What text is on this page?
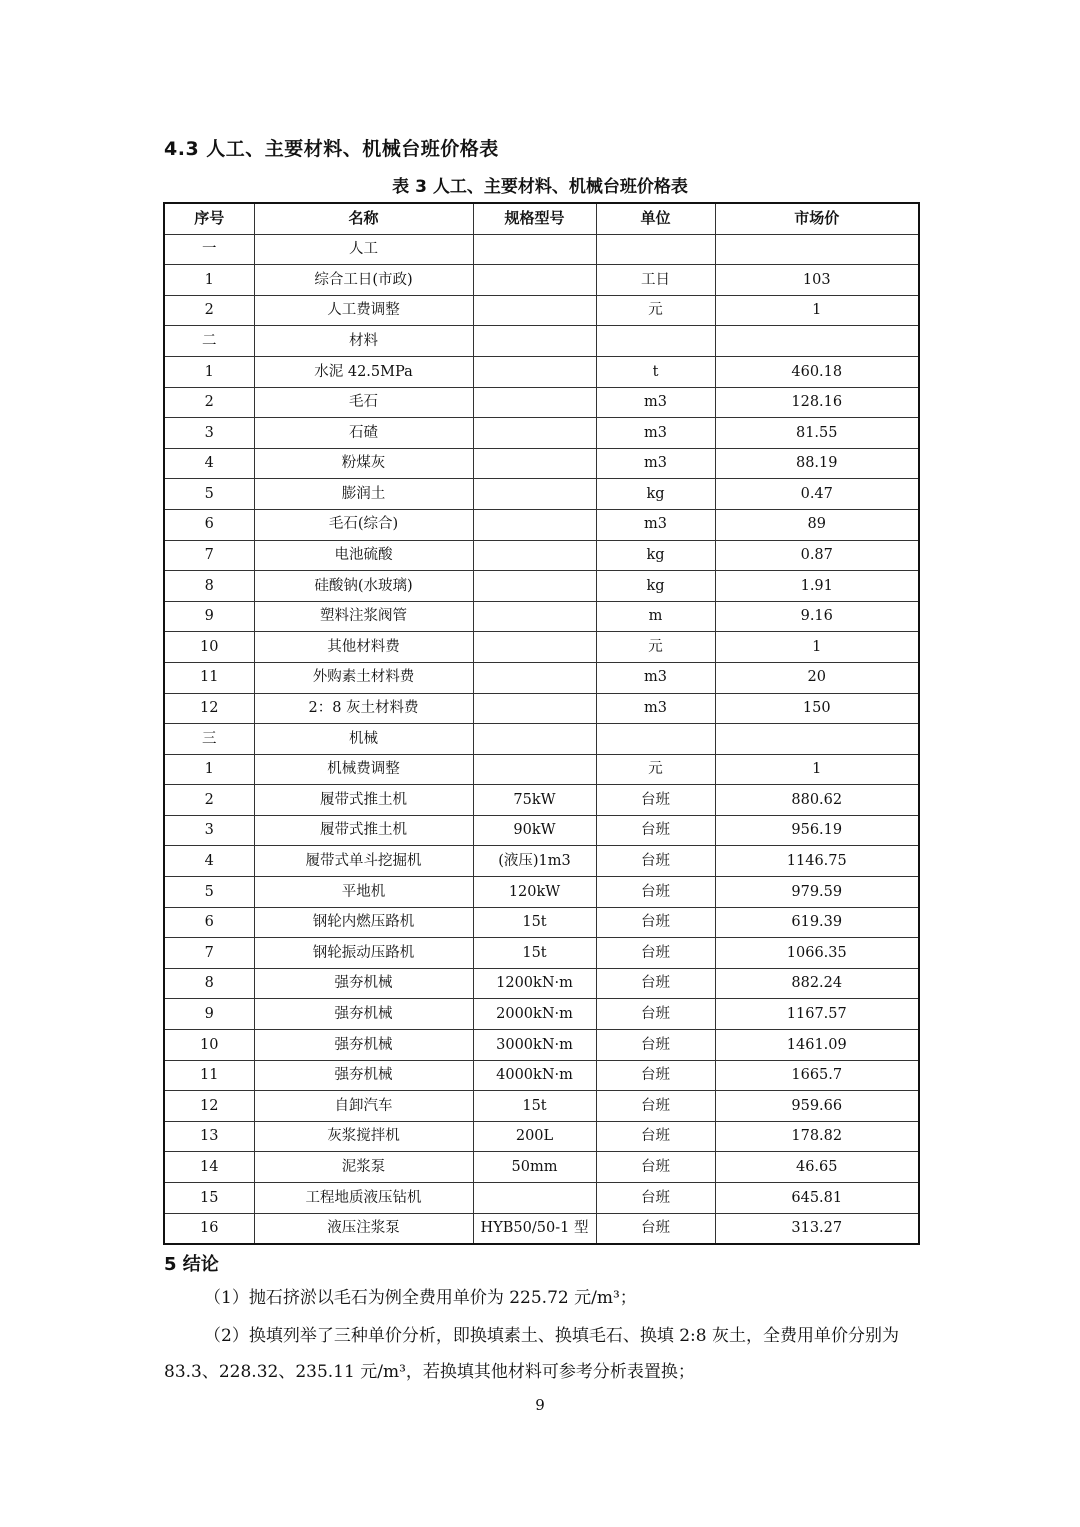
4.3 人工、主要材料、机械台班价格表
表 3 人工、主要材料、机械台班价格表
序号	名称	规格型号	单位	市场价
一	人工			
1	综合工日(市政)		工日	103
2	人工费调整		元	1
二	材料			
1	水泥 42.5MPa		t	460.18
2	毛石		m3	128.16
3	石碴		m3	81.55
4	粉煤灰		m3	88.19
5	膨润土		kg	0.47
6	毛石(综合)		m3	89
7	电池硫酸		kg	0.87
8	硅酸钠(水玻璃)		kg	1.91
9	塑料注浆阀管		m	9.16
10	其他材料费		元	1
11	外购素土材料费		m3	20
12	2：8 灰土材料费		m3	150
三	机械			
1	机械费调整		元	1
2	履带式推土机	75kW	台班	880.62
3	履带式推土机	90kW	台班	956.19
4	履带式单斗挖掘机	(液压)1m3	台班	1146.75
5	平地机	120kW	台班	979.59
6	钢轮内燃压路机	15t	台班	619.39
7	钢轮振动压路机	15t	台班	1066.35
8	强夯机械	1200kN·m	台班	882.24
9	强夯机械	2000kN·m	台班	1167.57
10	强夯机械	3000kN·m	台班	1461.09
11	强夯机械	4000kN·m	台班	1665.7
12	自卸汽车	15t	台班	959.66
13	灰浆搅拌机	200L	台班	178.82
14	泥浆泵	50mm	台班	46.65
15	工程地质液压钻机		台班	645.81
16	液压注浆泵	HYB50/50-1 型	台班	313.27
5 结论
（1）抛石挤淤以毛石为例全费用单价为 225.72 元/m³；
（2）换填列举了三种单价分析，即换填素土、换填毛石、换填 2:8 灰土，全费用单价分别为 83.3、228.32、235.11 元/m³，若换填其他材料可参考分析表置换；
9
